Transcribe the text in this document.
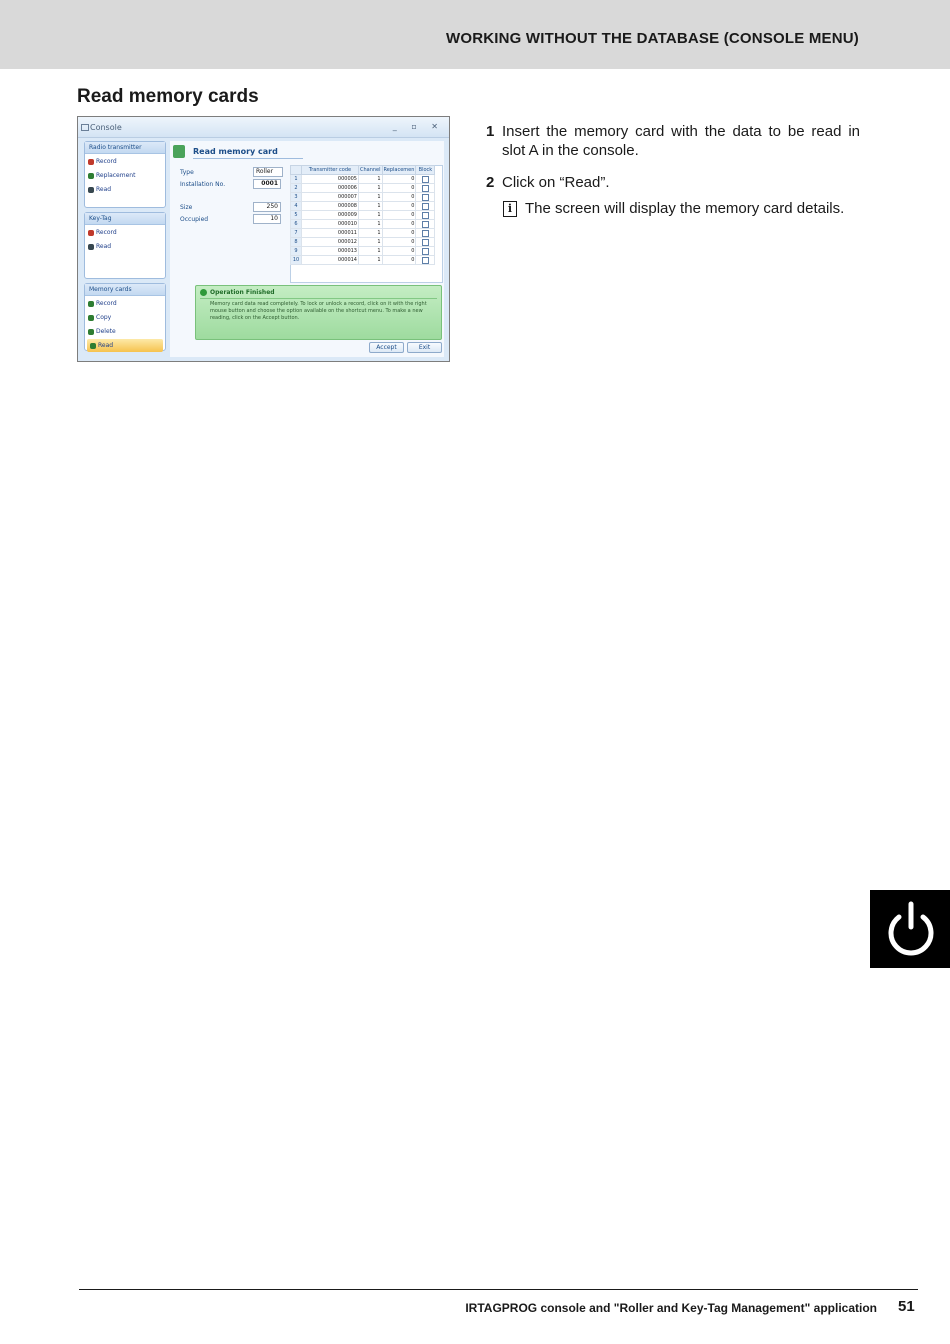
WORKING WITHOUT THE DATABASE (CONSOLE MENU)
Read memory cards
Console	_ ▫ ✕
Radio transmitter
Record
Replacement
Read
Key-Tag
Record
Read
Memory cards
Record
Copy
Delete
Read
Read memory card
Type	Roller
Installation No.	0001
Size	250
Occupied	10
	Transmitter code	Channel	Replacemen	Block
1	000005	1	0	
2	000006	1	0	
3	000007	1	0	
4	000008	1	0	
5	000009	1	0	
6	000010	1	0	
7	000011	1	0	
8	000012	1	0	
9	000013	1	0	
10	000014	1	0	
Operation Finished
Memory card data read completely. To lock or unlock a record, click on it with the right mouse button and choose the option available on the shortcut menu. To make a new reading, click on the Accept button.
Accept	Exit
1 Insert the memory card with the data to be read in slot A in the console.
2 Click on “Read”.
i The screen will display the memory card details.
IRTAGPROG console and "Roller and Key-Tag Management" application 51
